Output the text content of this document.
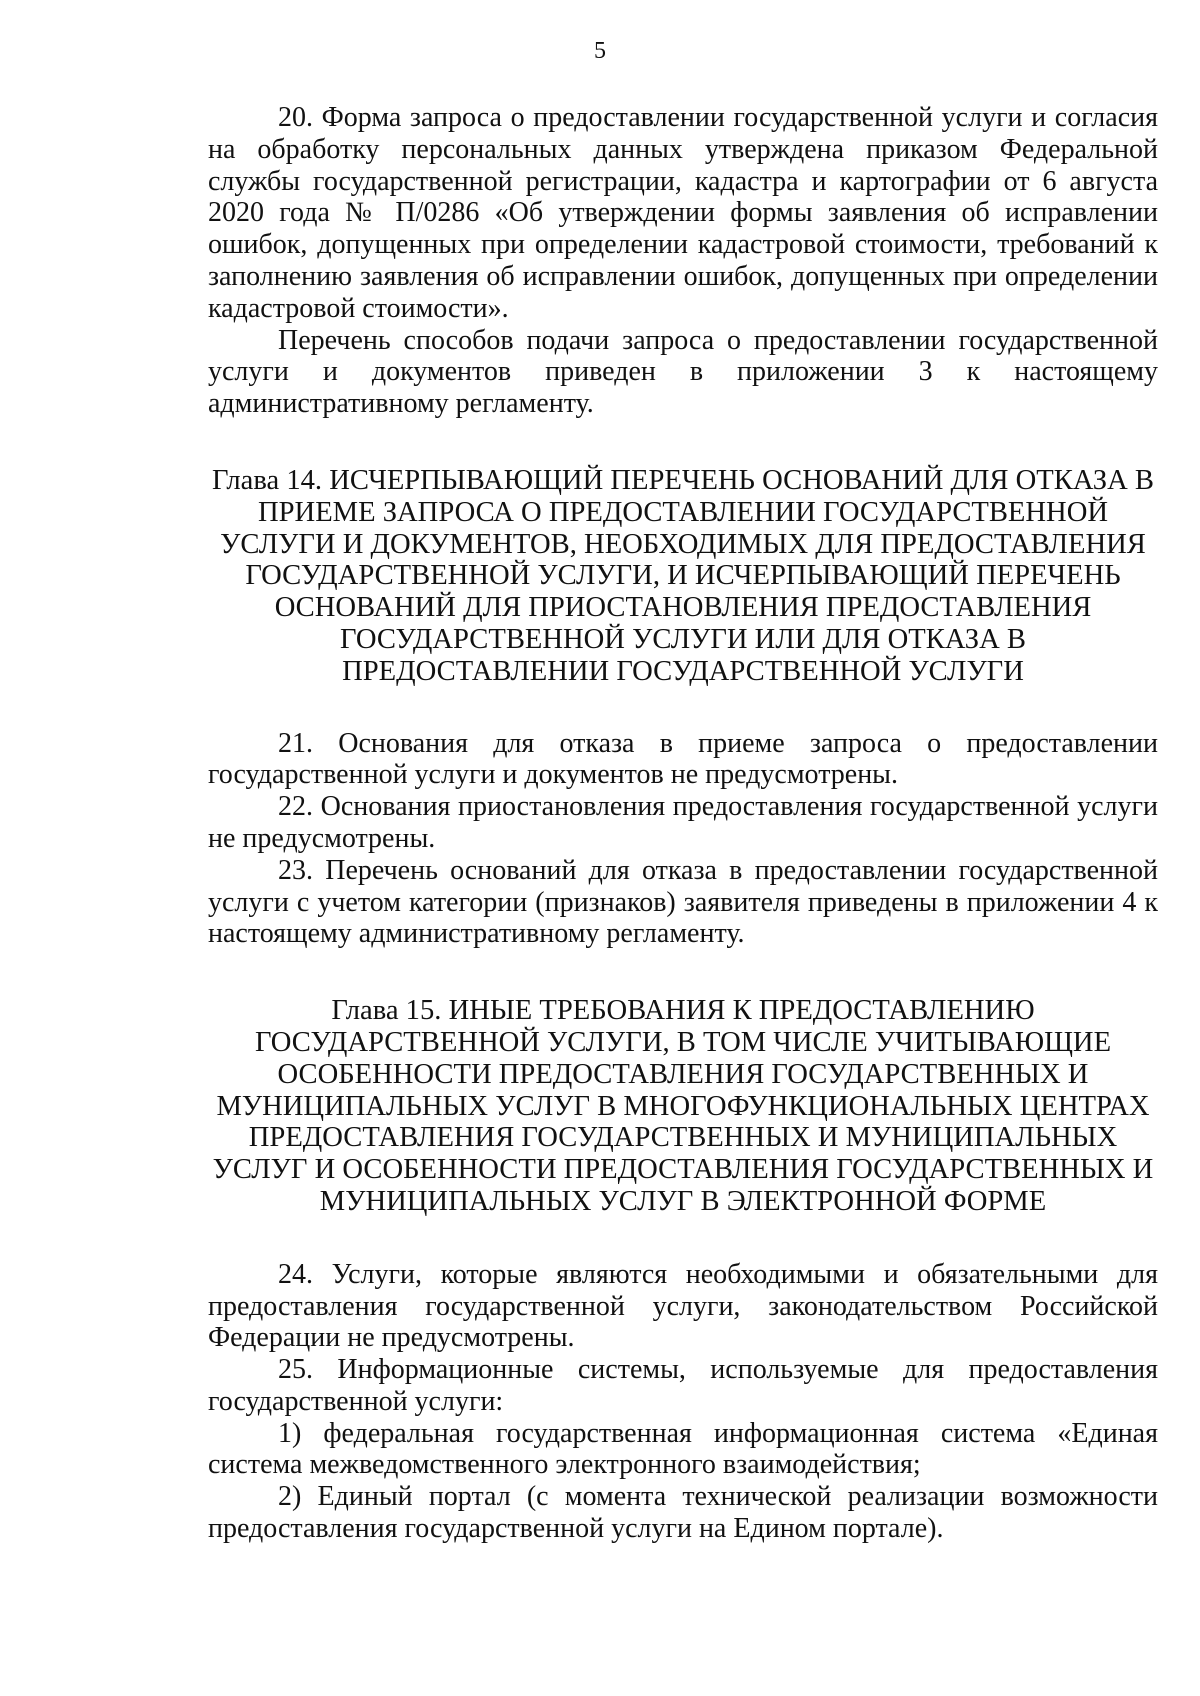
5

20. Форма запроса о предоставлении государственной услуги и согласия на обработку персональных данных утверждена приказом Федеральной службы государственной регистрации, кадастра и картографии от 6 августа 2020 года № П/0286 «Об утверждении формы заявления об исправлении ошибок, допущенных при определении кадастровой стоимости, требований к заполнению заявления об исправлении ошибок, допущенных при определении кадастровой стоимости».

Перечень способов подачи запроса о предоставлении государственной услуги и документов приведен в приложении 3 к настоящему административному регламенту.

Глава 14. ИСЧЕРПЫВАЮЩИЙ ПЕРЕЧЕНЬ ОСНОВАНИЙ ДЛЯ ОТКАЗА В ПРИЕМЕ ЗАПРОСА О ПРЕДОСТАВЛЕНИИ ГОСУДАРСТВЕННОЙ УСЛУГИ И ДОКУМЕНТОВ, НЕОБХОДИМЫХ ДЛЯ ПРЕДОСТАВЛЕНИЯ ГОСУДАРСТВЕННОЙ УСЛУГИ, И ИСЧЕРПЫВАЮЩИЙ ПЕРЕЧЕНЬ ОСНОВАНИЙ ДЛЯ ПРИОСТАНОВЛЕНИЯ ПРЕДОСТАВЛЕНИЯ ГОСУДАРСТВЕННОЙ УСЛУГИ ИЛИ ДЛЯ ОТКАЗА В ПРЕДОСТАВЛЕНИИ ГОСУДАРСТВЕННОЙ УСЛУГИ

21. Основания для отказа в приеме запроса о предоставлении государственной услуги и документов не предусмотрены.

22. Основания приостановления предоставления государственной услуги не предусмотрены.

23. Перечень оснований для отказа в предоставлении государственной услуги с учетом категории (признаков) заявителя приведены в приложении 4 к настоящему административному регламенту.

Глава 15. ИНЫЕ ТРЕБОВАНИЯ К ПРЕДОСТАВЛЕНИЮ ГОСУДАРСТВЕННОЙ УСЛУГИ, В ТОМ ЧИСЛЕ УЧИТЫВАЮЩИЕ ОСОБЕННОСТИ ПРЕДОСТАВЛЕНИЯ ГОСУДАРСТВЕННЫХ И МУНИЦИПАЛЬНЫХ УСЛУГ В МНОГОФУНКЦИОНАЛЬНЫХ ЦЕНТРАХ ПРЕДОСТАВЛЕНИЯ ГОСУДАРСТВЕННЫХ И МУНИЦИПАЛЬНЫХ УСЛУГ И ОСОБЕННОСТИ ПРЕДОСТАВЛЕНИЯ ГОСУДАРСТВЕННЫХ И МУНИЦИПАЛЬНЫХ УСЛУГ В ЭЛЕКТРОННОЙ ФОРМЕ

24. Услуги, которые являются необходимыми и обязательными для предоставления государственной услуги, законодательством Российской Федерации не предусмотрены.

25. Информационные системы, используемые для предоставления государственной услуги:

1) федеральная государственная информационная система «Единая система межведомственного электронного взаимодействия;

2) Единый портал (с момента технической реализации возможности предоставления государственной услуги на Едином портале).
